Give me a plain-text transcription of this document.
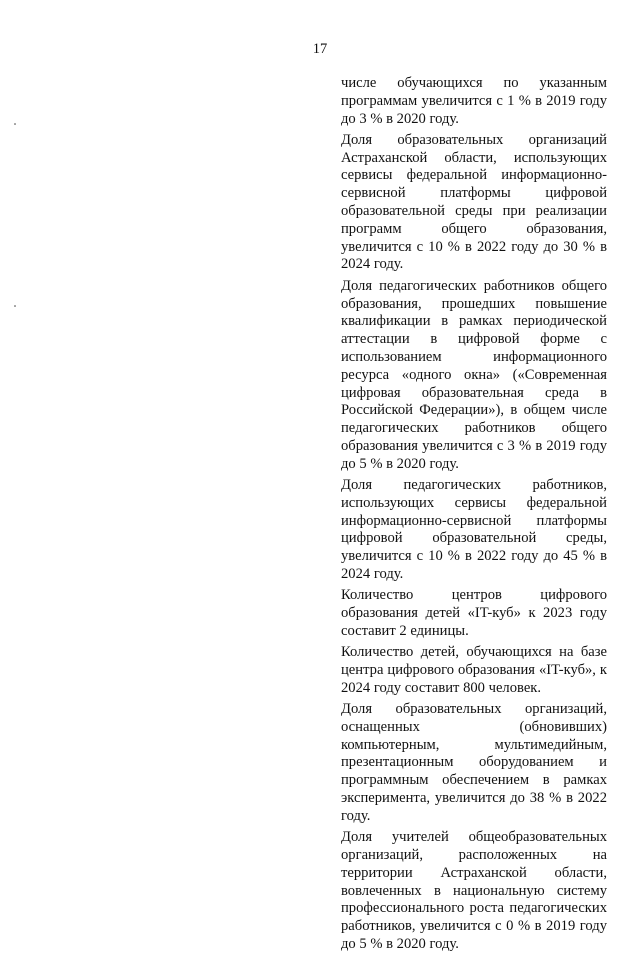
17

числе обучающихся по указанным программам увеличится с 1 % в 2019 году до 3 % в 2020 году.

Доля образовательных организаций Астраханской области, использующих сервисы федеральной информационно-сервисной платформы цифровой образовательной среды при реализации программ общего образования, увеличится с 10 % в 2022 году до 30 % в 2024 году.

Доля педагогических работников общего образования, прошедших повышение квалификации в рамках периодической аттестации в цифровой форме с использованием информационного ресурса «одного окна» («Современная цифровая образовательная среда в Российской Федерации»), в общем числе педагогических работников общего образования увеличится с 3 % в 2019 году до 5 % в 2020 году.

Доля педагогических работников, использующих сервисы федеральной информационно-сервисной платформы цифровой образовательной среды, увеличится с 10 % в 2022 году до 45 % в 2024 году.

Количество центров цифрового образования детей «IT-куб» к 2023 году составит 2 единицы.

Количество детей, обучающихся на базе центра цифрового образования «IT-куб», к 2024 году составит 800 человек.

Доля образовательных организаций, оснащенных (обновивших) компьютерным, мультимедийным, презентационным оборудованием и программным обеспечением в рамках эксперимента, увеличится до 38 % в 2022 году.

Доля учителей общеобразовательных организаций, расположенных на территории Астраханской области, вовлеченных в национальную систему профессионального роста педагогических работников, увеличится с 0 % в 2019 году до 5 % в 2020 году.
